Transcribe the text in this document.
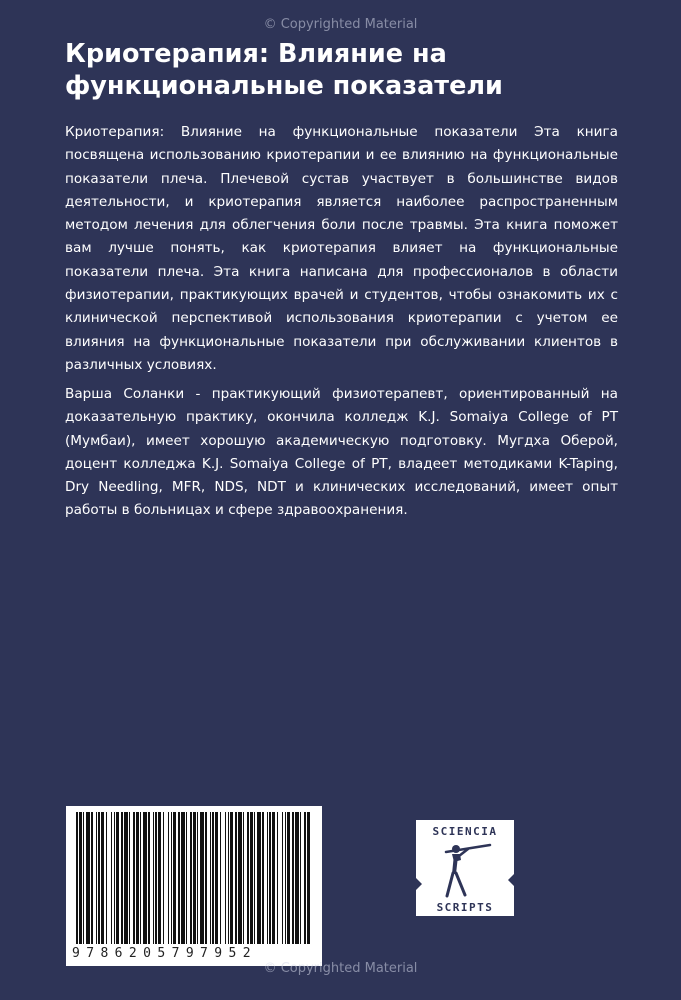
© Copyrighted Material
Криотерапия: Влияние на
функциональные показатели

Криотерапия: Влияние на функциональные показатели Эта книга посвящена использованию криотерапии и ее влиянию на функциональные показатели плеча. Плечевой сустав участвует в большинстве видов деятельности, и криотерапия является наиболее распространенным методом лечения для облегчения боли после травмы. Эта книга поможет вам лучше понять, как криотерапия влияет на функциональные показатели плеча. Эта книга написана для профессионалов в области физиотерапии, практикующих врачей и студентов, чтобы ознакомить их с клинической перспективой использования криотерапии с учетом ее влияния на функциональные показатели при обслуживании клиентов в различных условиях.

Варша Соланки - практикующий физиотерапевт, ориентированный на доказательную практику, окончила колледж K.J. Somaiya College of PT (Мумбаи), имеет хорошую академическую подготовку. Мугдха Оберой, доцент колледжа K.J. Somaiya College of PT, владеет методиками K-Taping, Dry Needling, MFR, NDS, NDT и клинических исследований, имеет опыт работы в больницах и сфере здравоохранения.

9786205797952
SCIENCIA
SCRIPTS
© Copyrighted Material
